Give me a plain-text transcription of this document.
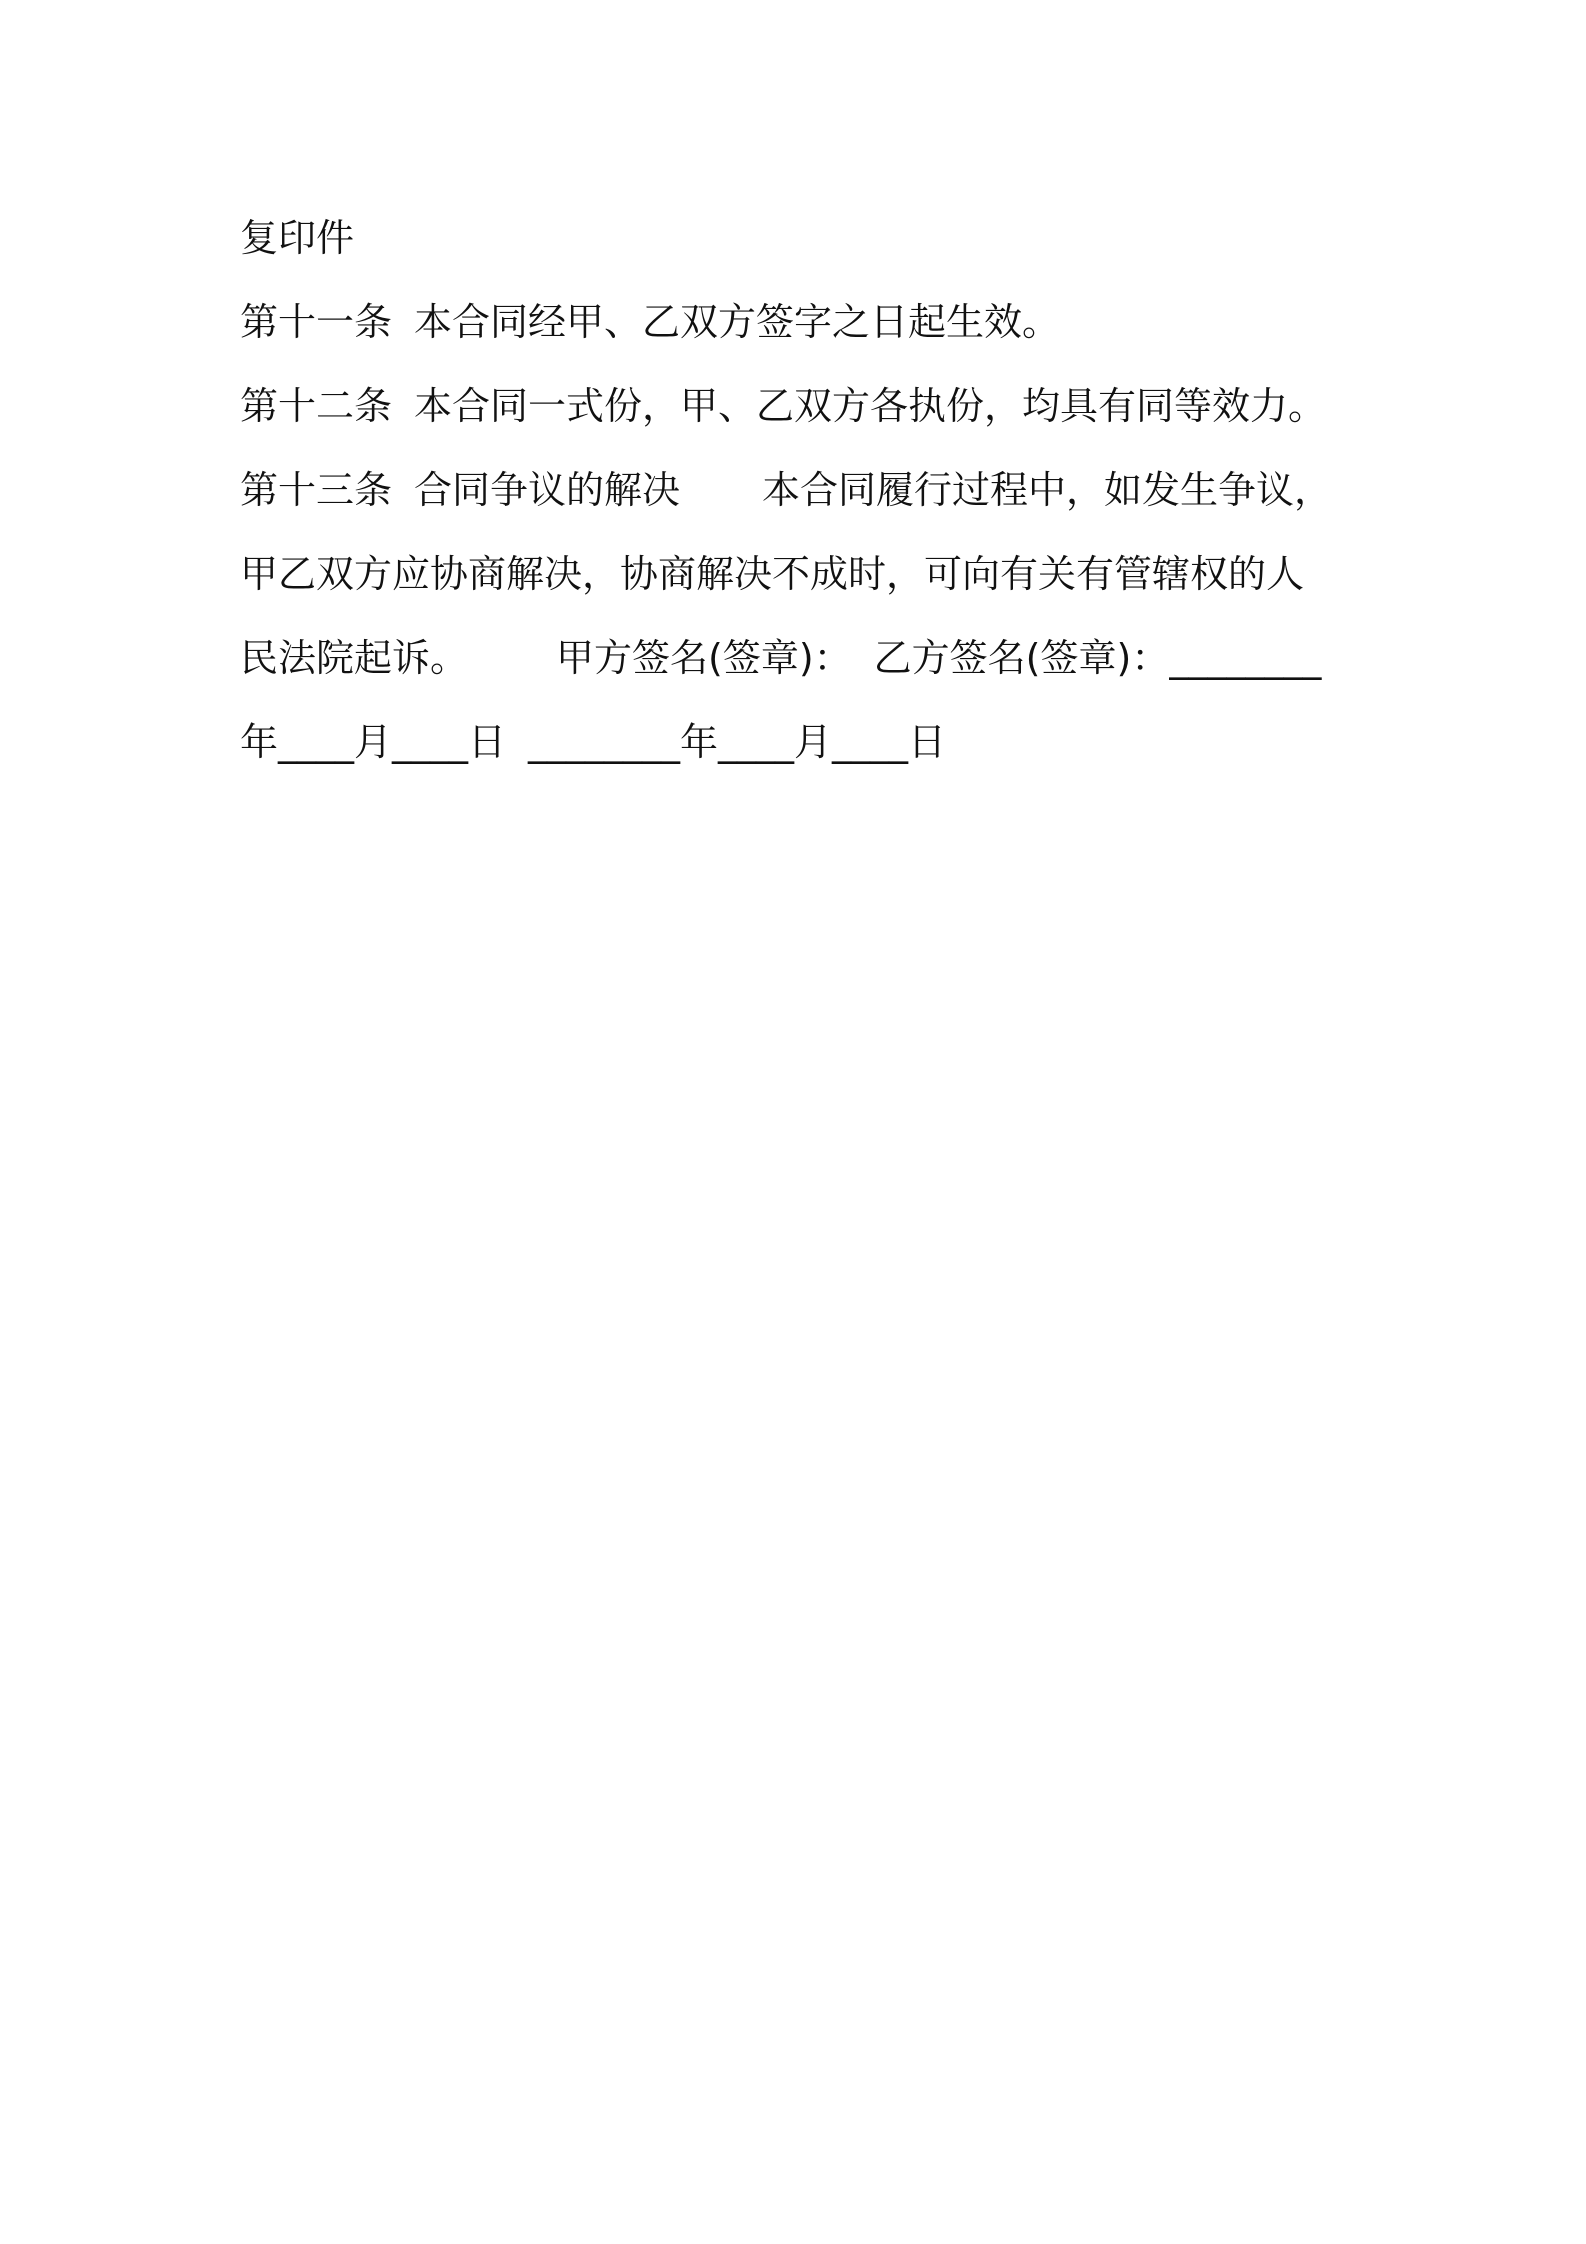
复印件
第十一条 本合同经甲、乙双方签字之日起生效。
第十二条 本合同一式份，甲、乙双方各执份，均具有同等效力。
第十三条 合同争议的解决 本合同履行过程中，如发生争议，
甲乙双方应协商解决，协商解决不成时，可向有关有管辖权的人
民法院起诉。 甲方签名(签章)： 乙方签名(签章)：________
年____月____日 ________年____月____日
